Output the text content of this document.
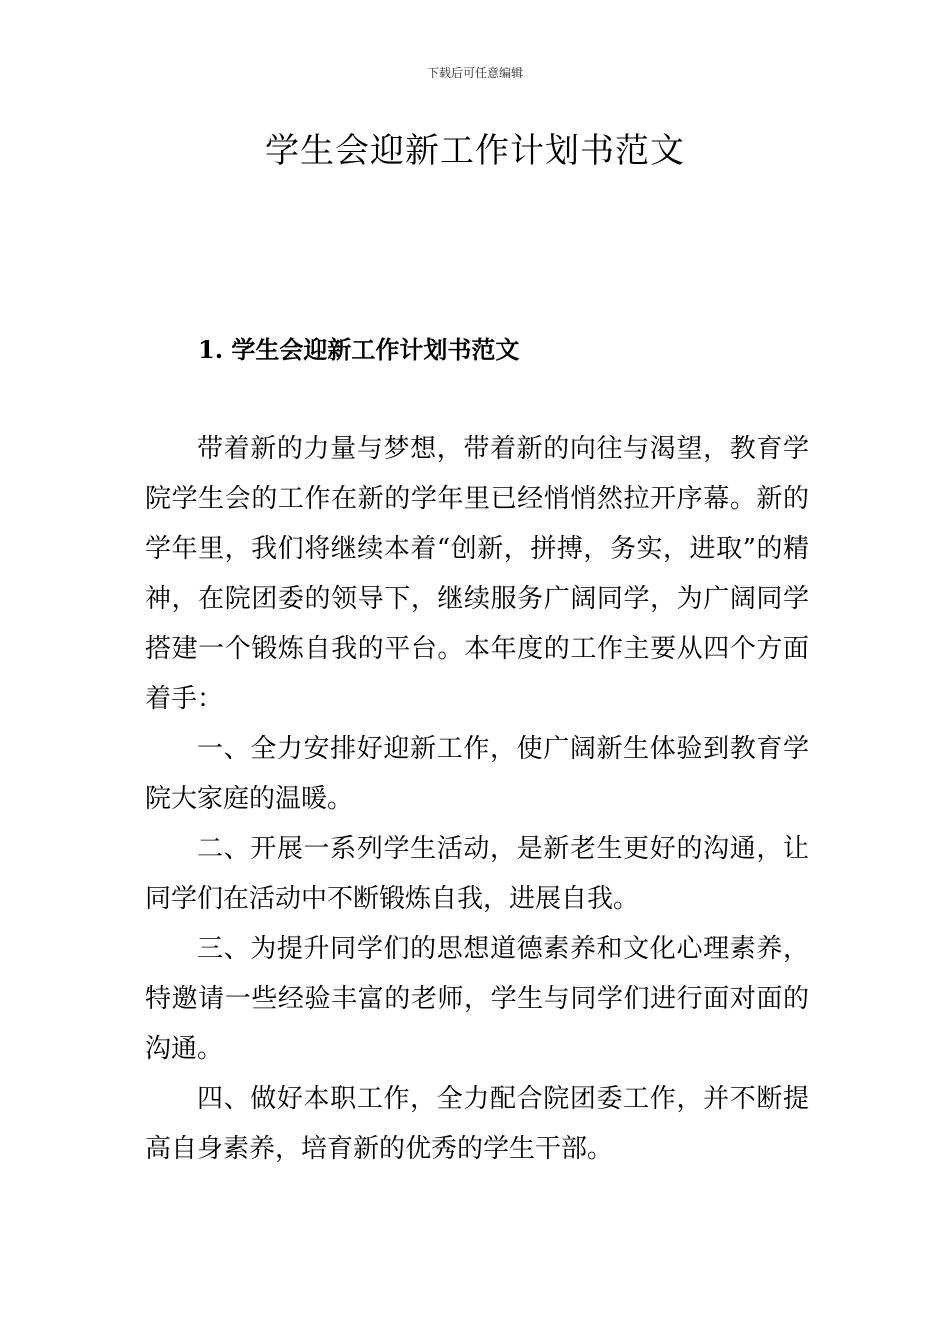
下载后可任意编辑
学生会迎新工作计划书范文
1. 学生会迎新工作计划书范文

带着新的力量与梦想，带着新的向往与渴望，教育学院学生会的工作在新的学年里已经悄悄然拉开序幕。新的学年里，我们将继续本着“创新，拼搏，务实，进取”的精神，在院团委的领导下，继续服务广阔同学，为广阔同学搭建一个锻炼自我的平台。本年度的工作主要从四个方面着手：

一、全力安排好迎新工作，使广阔新生体验到教育学院大家庭的温暖。

二、开展一系列学生活动，是新老生更好的沟通，让同学们在活动中不断锻炼自我，进展自我。

三、为提升同学们的思想道德素养和文化心理素养，特邀请一些经验丰富的老师，学生与同学们进行面对面的沟通。

四、做好本职工作，全力配合院团委工作，并不断提高自身素养，培育新的优秀的学生干部。
